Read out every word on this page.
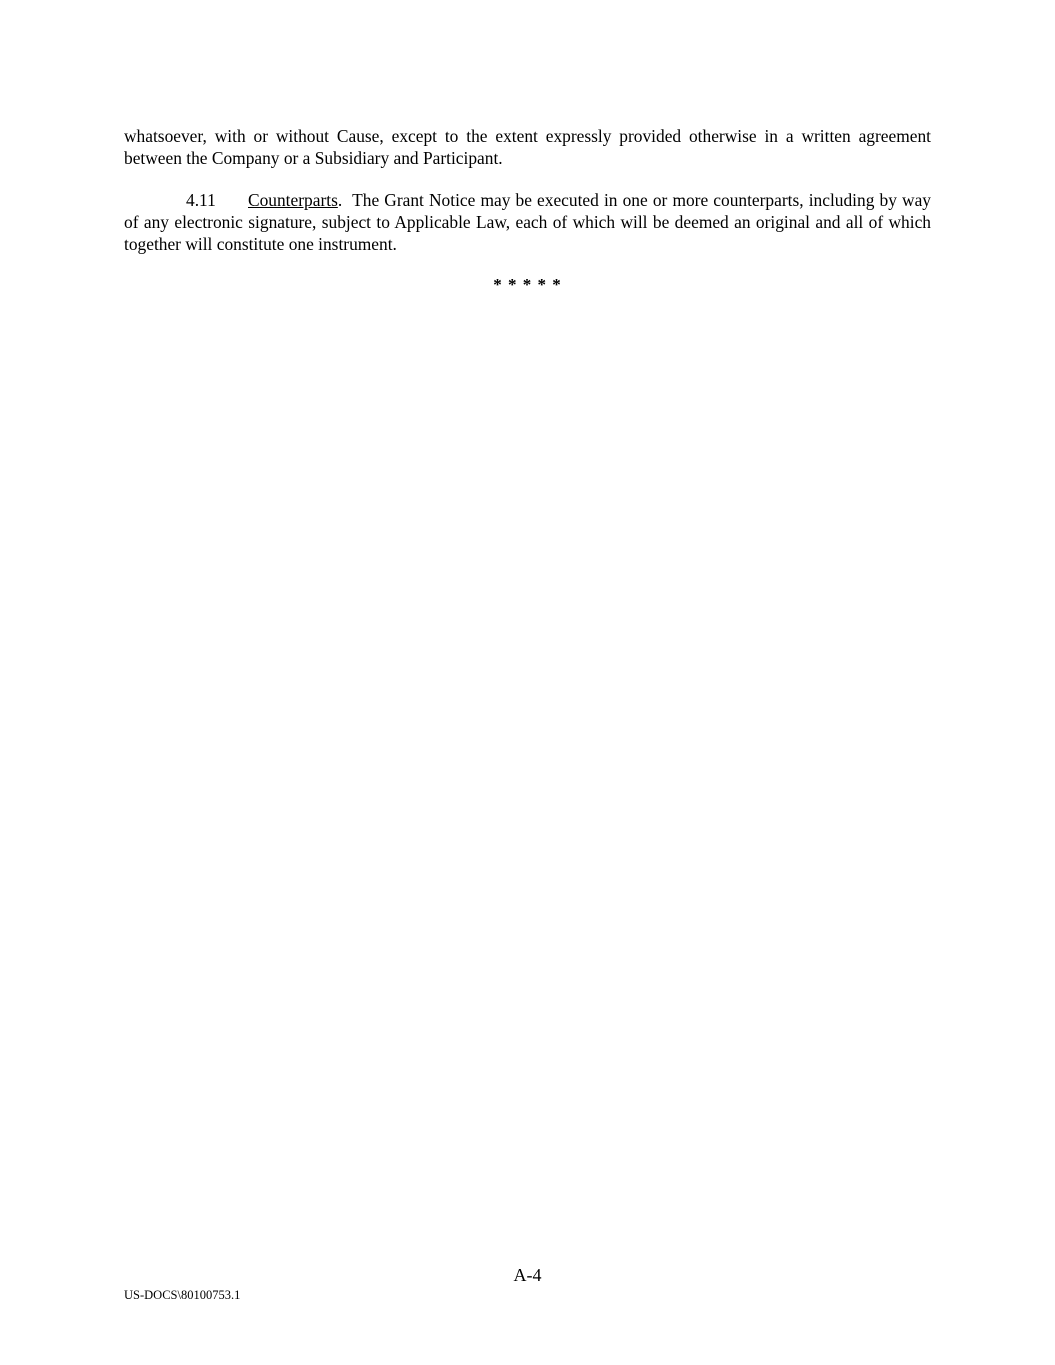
whatsoever, with or without Cause, except to the extent expressly provided otherwise in a written agreement between the Company or a Subsidiary and Participant.

4.11 Counterparts.  The Grant Notice may be executed in one or more counterparts, including by way of any electronic signature, subject to Applicable Law, each of which will be deemed an original and all of which together will constitute one instrument.

* * * * *
A-4
US-DOCS\80100753.1
